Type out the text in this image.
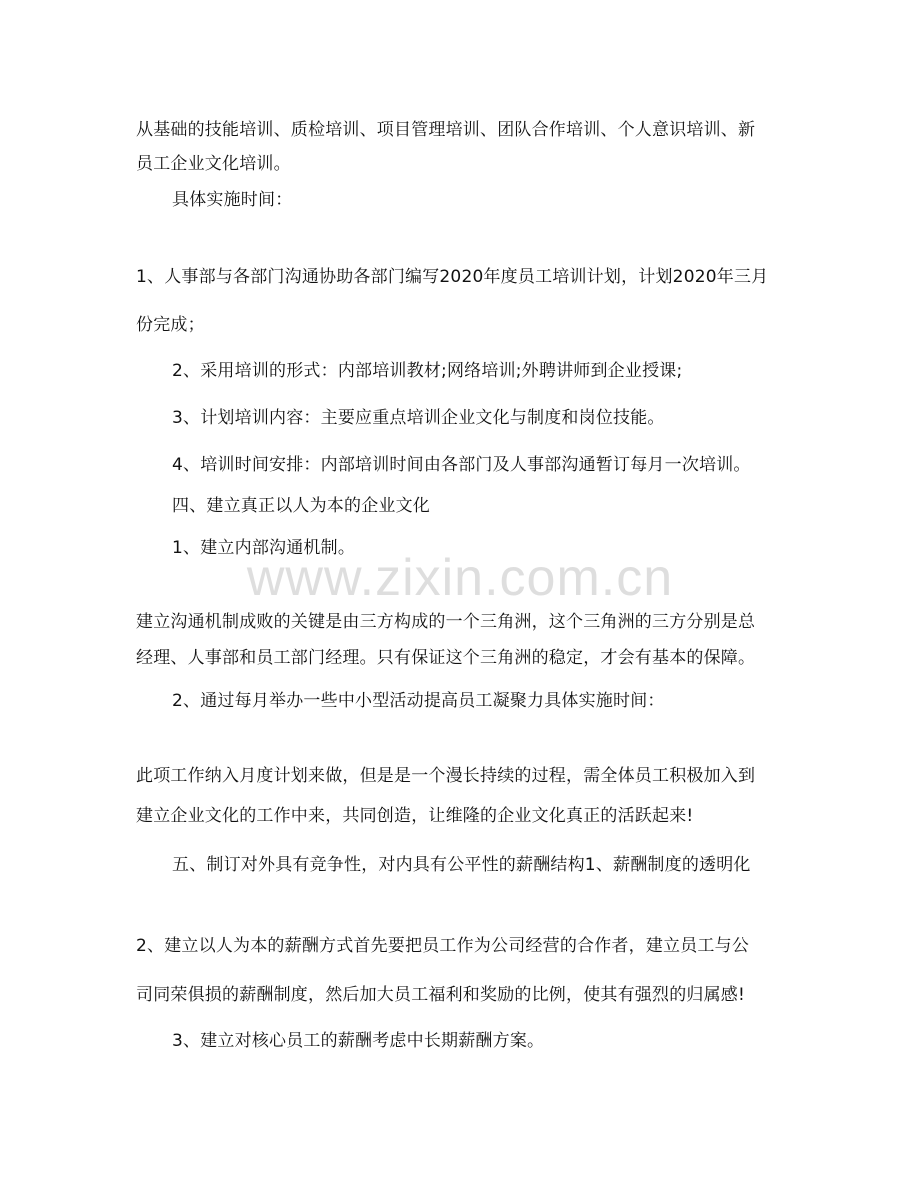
从基础的技能培训、质检培训、项目管理培训、团队合作培训、个人意识培训、新
员工企业文化培训。
具体实施时间：
1、人事部与各部门沟通协助各部门编写2020年度员工培训计划，计划2020年三月
份完成；
2、采用培训的形式：内部培训教材;网络培训;外聘讲师到企业授课;
3、计划培训内容：主要应重点培训企业文化与制度和岗位技能。
4、培训时间安排：内部培训时间由各部门及人事部沟通暂订每月一次培训。
四、建立真正以人为本的企业文化
1、建立内部沟通机制。
建立沟通机制成败的关键是由三方构成的一个三角洲，这个三角洲的三方分别是总
经理、人事部和员工部门经理。只有保证这个三角洲的稳定，才会有基本的保障。
2、通过每月举办一些中小型活动提高员工凝聚力具体实施时间：
此项工作纳入月度计划来做，但是是一个漫长持续的过程，需全体员工积极加入到
建立企业文化的工作中来，共同创造，让维隆的企业文化真正的活跃起来!
五、制订对外具有竞争性，对内具有公平性的薪酬结构1、薪酬制度的透明化
2、建立以人为本的薪酬方式首先要把员工作为公司经营的合作者，建立员工与公
司同荣俱损的薪酬制度，然后加大员工福利和奖励的比例，使其有强烈的归属感!
3、建立对核心员工的薪酬考虑中长期薪酬方案。
www.zixin.com.cn
